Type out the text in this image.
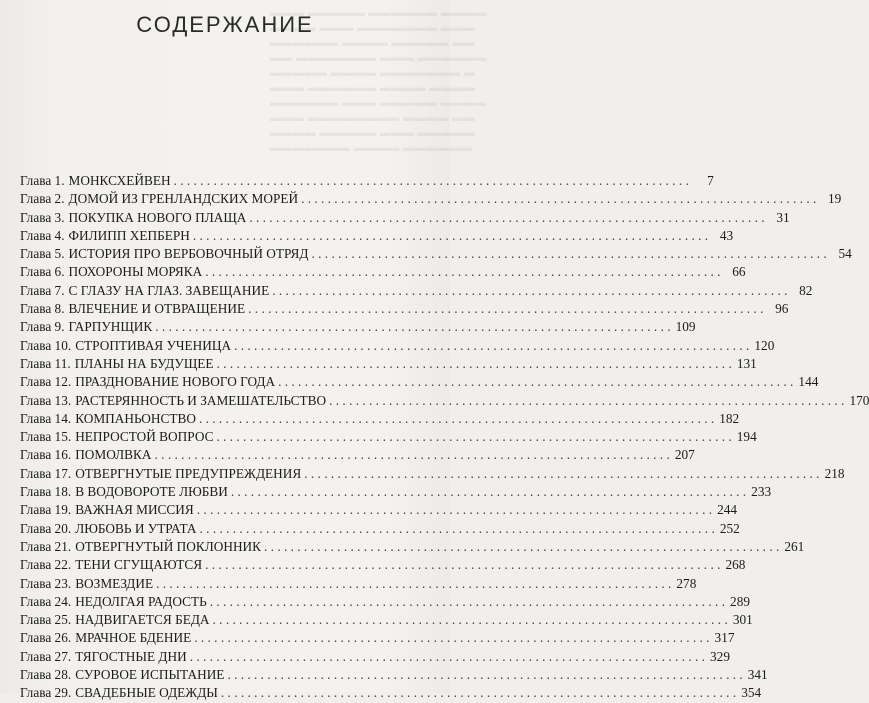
▬▬▬ ▬▬▬▬▬ ▬▬▬▬▬▬ ▬▬▬▬
▬▬▬▬ ▬▬▬ ▬▬▬▬▬▬▬ ▬▬▬
▬▬▬▬▬▬ ▬▬▬▬ ▬▬▬▬▬ ▬▬
▬▬ ▬▬▬▬▬▬▬ ▬▬▬ ▬▬▬▬▬▬
▬▬▬▬▬ ▬▬▬▬ ▬▬▬▬▬▬▬ ▬
▬▬▬ ▬▬▬▬▬▬ ▬▬▬▬ ▬▬▬▬
▬▬▬▬▬▬ ▬▬▬ ▬▬▬▬▬ ▬▬▬▬
▬▬▬ ▬▬▬▬▬▬▬▬ ▬▬▬▬ ▬▬
▬▬▬▬ ▬▬▬▬▬ ▬▬▬ ▬▬▬▬▬
▬▬▬▬▬▬▬ ▬▬▬▬ ▬▬▬▬▬▬
СОДЕРЖАНИЕ
Глава 1. МОНКСХЕЙВЕН . . .	7
Глава 2. ДОМОЙ ИЗ ГРЕНЛАНДСКИХ МОРЕЙ . . .	19
Глава 3. ПОКУПКА НОВОГО ПЛАЩА . . .	31
Глава 4. ФИЛИПП ХЕПБЕРН . . .	43
Глава 5. ИСТОРИЯ ПРО ВЕРБОВОЧНЫЙ ОТРЯД . . .	54
Глава 6. ПОХОРОНЫ МОРЯКА . . .	66
Глава 7. С ГЛАЗУ НА ГЛАЗ. ЗАВЕЩАНИЕ . . .	82
Глава 8. ВЛЕЧЕНИЕ И ОТВРАЩЕНИЕ . . .	96
Глава 9. ГАРПУНЩИК . . .	109
Глава 10. СТРОПТИВАЯ УЧЕНИЦА . . .	120
Глава 11. ПЛАНЫ НА БУДУЩЕЕ . . .	131
Глава 12. ПРАЗДНОВАНИЕ НОВОГО ГОДА . . .	144
Глава 13. РАСТЕРЯННОСТЬ И ЗАМЕШАТЕЛЬСТВО . . .	170
Глава 14. КОМПАНЬОНСТВО . . .	182
Глава 15. НЕПРОСТОЙ ВОПРОС . . .	194
Глава 16. ПОМОЛВКА . . .	207
Глава 17. ОТВЕРГНУТЫЕ ПРЕДУПРЕЖДЕНИЯ . . .	218
Глава 18. В ВОДОВОРОТЕ ЛЮБВИ . . .	233
Глава 19. ВАЖНАЯ МИССИЯ . . .	244
Глава 20. ЛЮБОВЬ И УТРАТА . . .	252
Глава 21. ОТВЕРГНУТЫЙ ПОКЛОННИК . . .	261
Глава 22. ТЕНИ СГУЩАЮТСЯ . . .	268
Глава 23. ВОЗМЕЗДИЕ . . .	278
Глава 24. НЕДОЛГАЯ РАДОСТЬ . . .	289
Глава 25. НАДВИГАЕТСЯ БЕДА . . .	301
Глава 26. МРАЧНОЕ БДЕНИЕ . . .	317
Глава 27. ТЯГОСТНЫЕ ДНИ . . .	329
Глава 28. СУРОВОЕ ИСПЫТАНИЕ . . .	341
Глава 29. СВАДЕБНЫЕ ОДЕЖДЫ . . .	354
